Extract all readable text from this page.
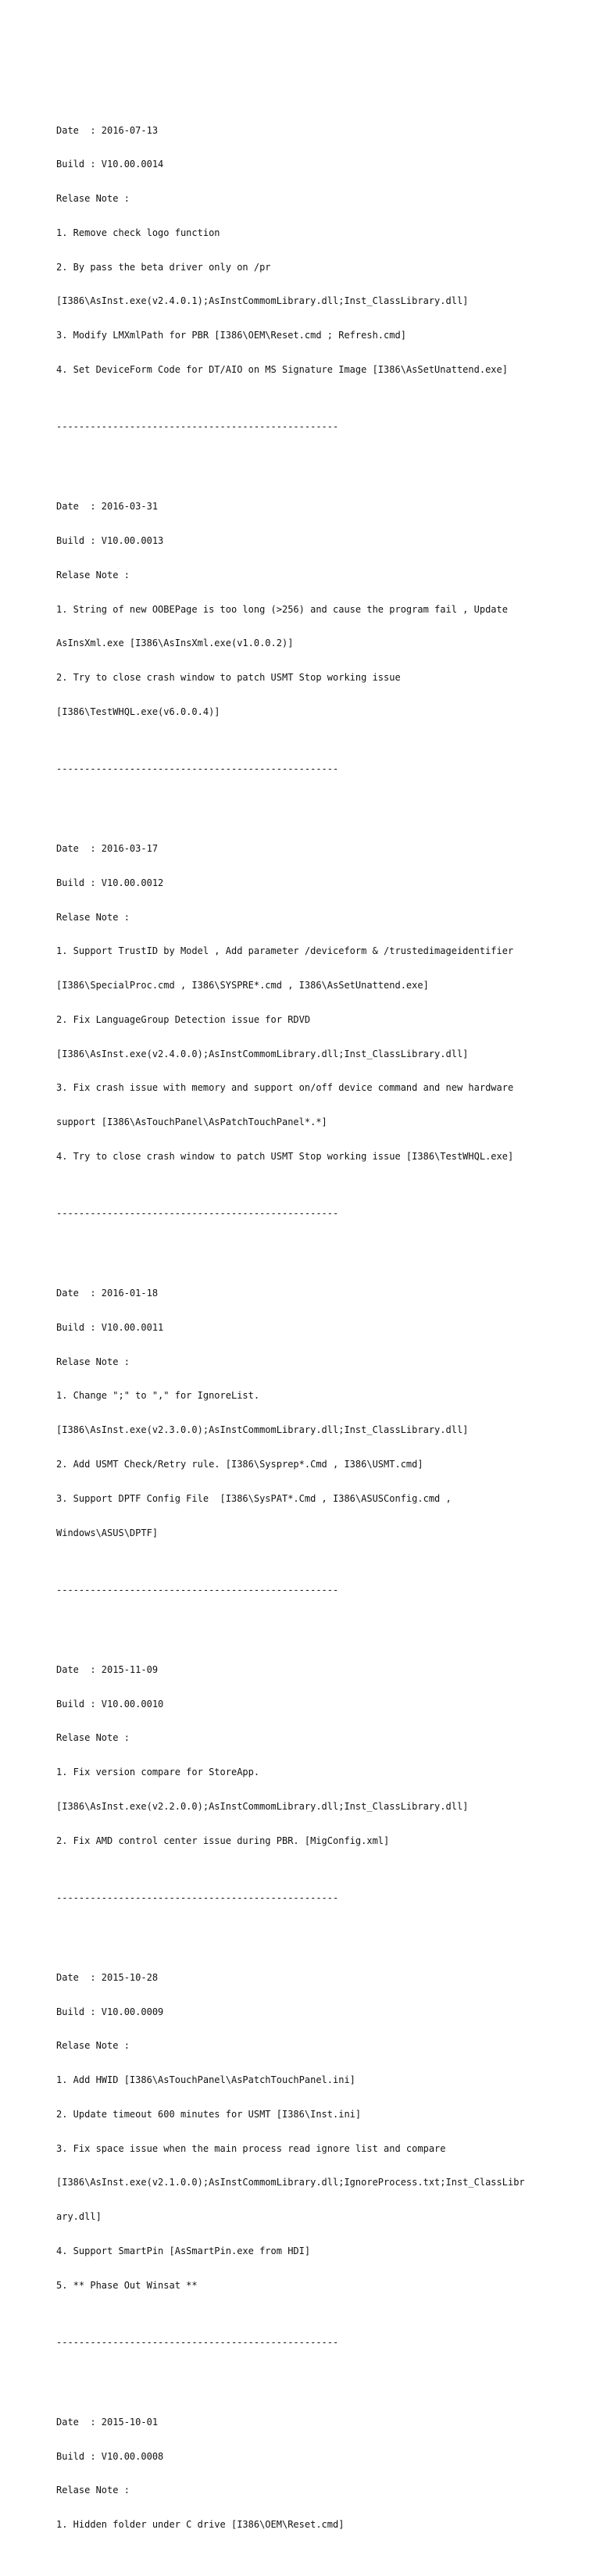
Date  : 2016-07-13

Build : V10.00.0014

Relase Note :

1. Remove check logo function

2. By pass the beta driver only on /pr

[I386\AsInst.exe(v2.4.0.1);AsInstCommomLibrary.dll;Inst_ClassLibrary.dll]

3. Modify LMXmlPath for PBR [I386\OEM\Reset.cmd ; Refresh.cmd]

4. Set DeviceForm Code for DT/AIO on MS Signature Image [I386\AsSetUnattend.exe]

--------------------------------------------------

Date  : 2016-03-31

Build : V10.00.0013

Relase Note :

1. String of new OOBEPage is too long (>256) and cause the program fail , Update

AsInsXml.exe [I386\AsInsXml.exe(v1.0.0.2)]

2. Try to close crash window to patch USMT Stop working issue

[I386\TestWHQL.exe(v6.0.0.4)]

--------------------------------------------------

Date  : 2016-03-17

Build : V10.00.0012

Relase Note :

1. Support TrustID by Model , Add parameter /deviceform & /trustedimageidentifier

[I386\SpecialProc.cmd , I386\SYSPRE*.cmd , I386\AsSetUnattend.exe]

2. Fix LanguageGroup Detection issue for RDVD

[I386\AsInst.exe(v2.4.0.0);AsInstCommomLibrary.dll;Inst_ClassLibrary.dll]

3. Fix crash issue with memory and support on/off device command and new hardware

support [I386\AsTouchPanel\AsPatchTouchPanel*.*]

4. Try to close crash window to patch USMT Stop working issue [I386\TestWHQL.exe]

--------------------------------------------------

Date  : 2016-01-18

Build : V10.00.0011

Relase Note :

1. Change ";" to "," for IgnoreList.

[I386\AsInst.exe(v2.3.0.0);AsInstCommomLibrary.dll;Inst_ClassLibrary.dll]

2. Add USMT Check/Retry rule. [I386\Sysprep*.Cmd , I386\USMT.cmd]

3. Support DPTF Config File  [I386\SysPAT*.Cmd , I386\ASUSConfig.cmd ,

Windows\ASUS\DPTF]

--------------------------------------------------

Date  : 2015-11-09

Build : V10.00.0010

Relase Note :

1. Fix version compare for StoreApp.

[I386\AsInst.exe(v2.2.0.0);AsInstCommomLibrary.dll;Inst_ClassLibrary.dll]

2. Fix AMD control center issue during PBR. [MigConfig.xml]

--------------------------------------------------

Date  : 2015-10-28

Build : V10.00.0009

Relase Note :

1. Add HWID [I386\AsTouchPanel\AsPatchTouchPanel.ini]

2. Update timeout 600 minutes for USMT [I386\Inst.ini]

3. Fix space issue when the main process read ignore list and compare

[I386\AsInst.exe(v2.1.0.0);AsInstCommomLibrary.dll;IgnoreProcess.txt;Inst_ClassLibr

ary.dll]

4. Support SmartPin [AsSmartPin.exe from HDI]

5. ** Phase Out Winsat **

--------------------------------------------------

Date  : 2015-10-01

Build : V10.00.0008

Relase Note :

1. Hidden folder under C drive [I386\OEM\Reset.cmd]
